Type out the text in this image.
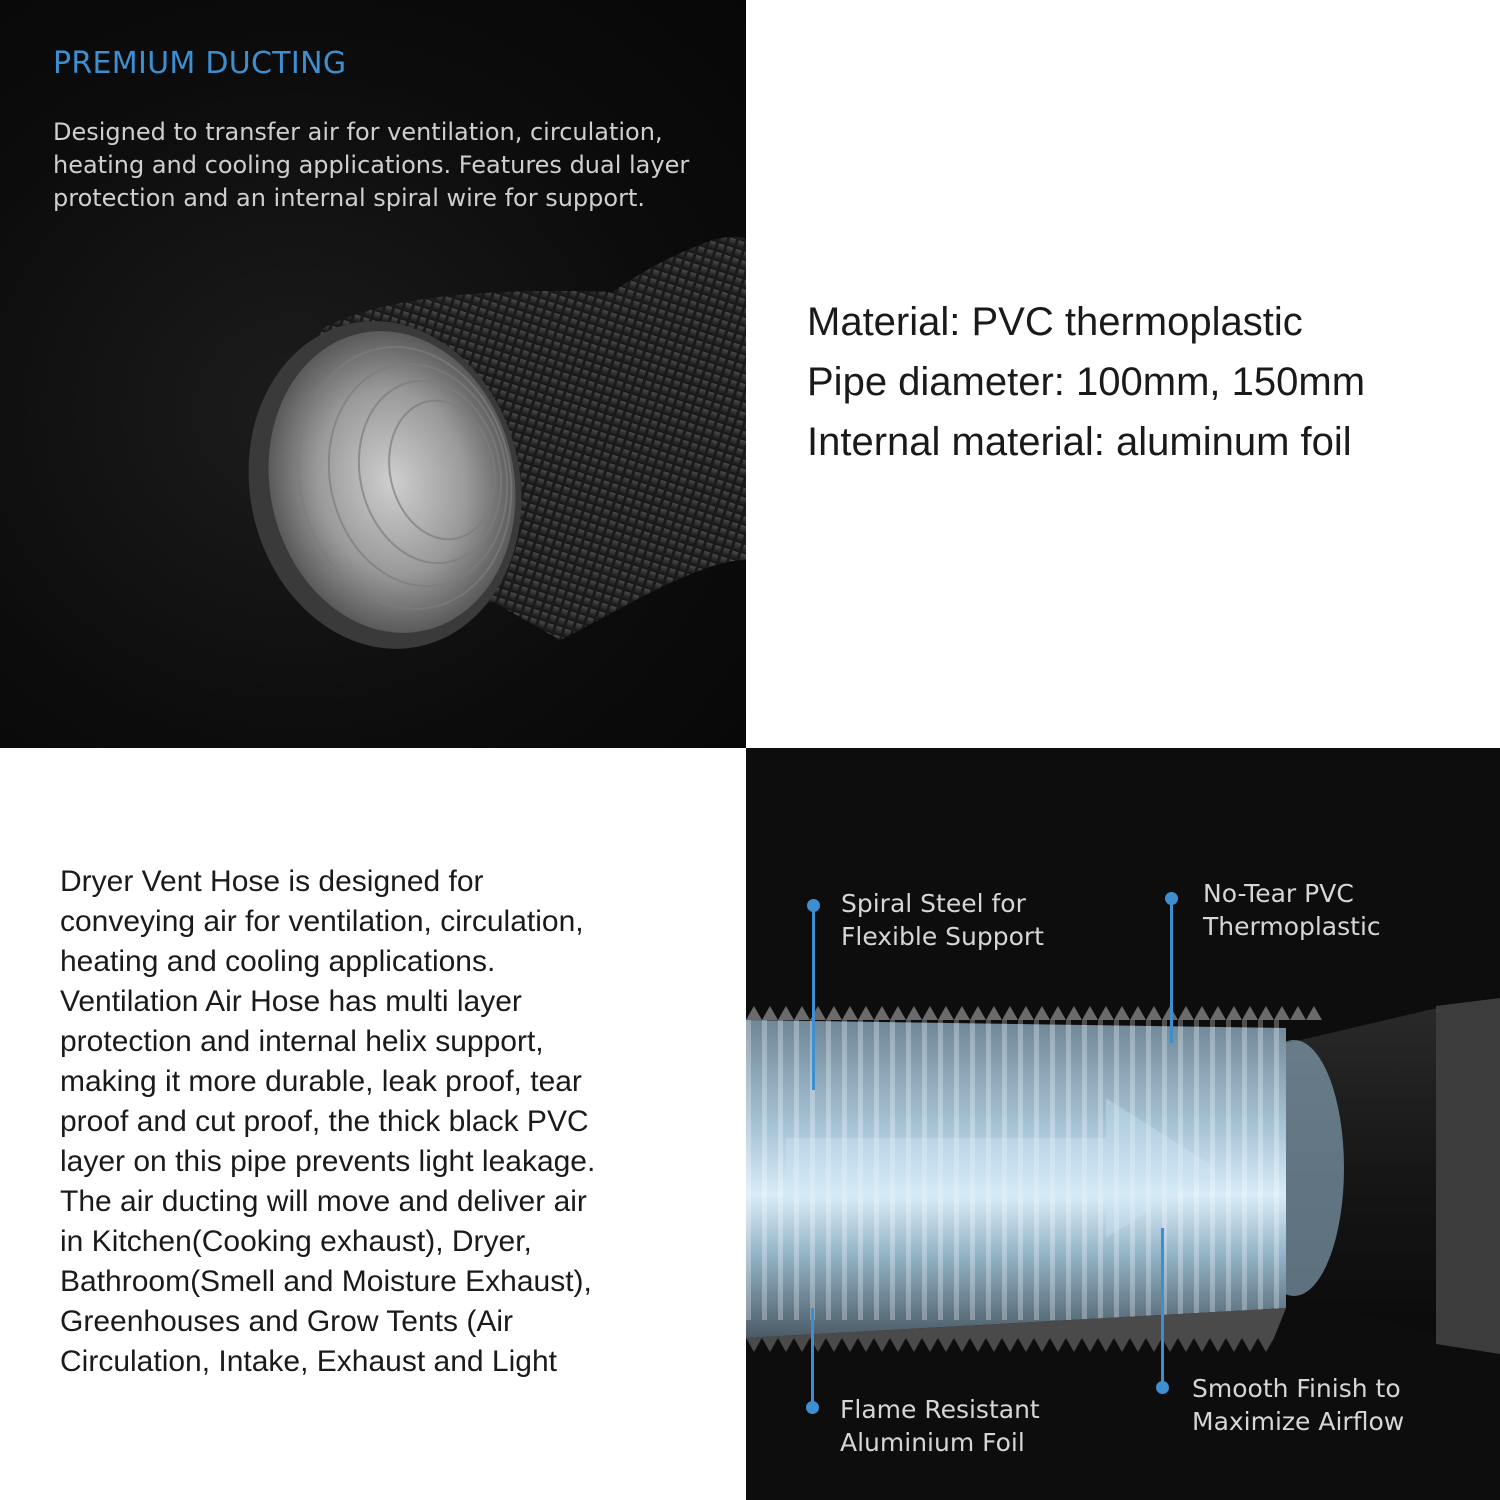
PREMIUM DUCTING

Designed to transfer air for ventilation, circulation, heating and cooling applications. Features dual layer protection and an internal spiral wire for support.

Material: PVC thermoplastic
Pipe diameter: 100mm, 150mm
Internal material: aluminum foil

Dryer Vent Hose is designed for

conveying air for ventilation, circulation,

heating and cooling applications.

Ventilation Air Hose has multi layer

protection and internal helix support,

making it more durable, leak proof, tear

proof and cut proof, the thick black PVC

layer on this pipe prevents light leakage.

The air ducting will move and deliver air

in Kitchen(Cooking exhaust), Dryer,

Bathroom(Smell and Moisture Exhaust),

Greenhouses and Grow Tents (Air

Circulation, Intake, Exhaust and Light

Spiral Steel for
Flexible Support
No-Tear PVC
Thermoplastic
Flame Resistant
Aluminium Foil
Smooth Finish to
Maximize Airflow
